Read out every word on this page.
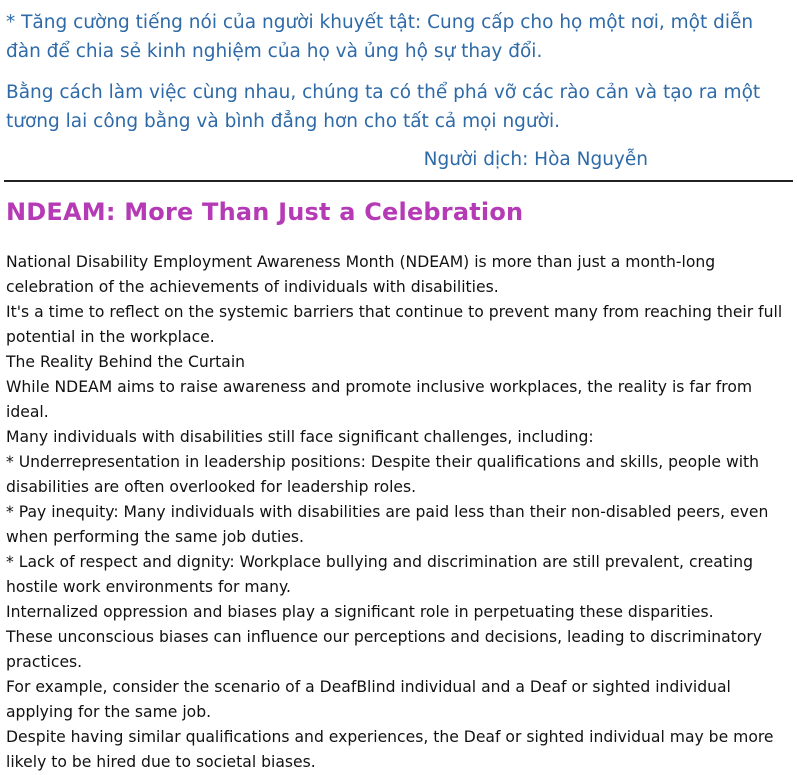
* Tăng cường tiếng nói của người khuyết tật: Cung cấp cho họ một nơi, một diễn đàn để chia sẻ kinh nghiệm của họ và ủng hộ sự thay đổi.

Bằng cách làm việc cùng nhau, chúng ta có thể phá vỡ các rào cản và tạo ra một tương lai công bằng và bình đẳng hơn cho tất cả mọi người.

Người dịch: Hòa Nguyễn
NDEAM: More Than Just a Celebration
National Disability Employment Awareness Month (NDEAM) is more than just a month-long celebration of the achievements of individuals with disabilities.
It's a time to reflect on the systemic barriers that continue to prevent many from reaching their full potential in the workplace.
The Reality Behind the Curtain
While NDEAM aims to raise awareness and promote inclusive workplaces, the reality is far from ideal.
Many individuals with disabilities still face significant challenges, including:
* Underrepresentation in leadership positions: Despite their qualifications and skills, people with disabilities are often overlooked for leadership roles.
* Pay inequity: Many individuals with disabilities are paid less than their non-disabled peers, even when performing the same job duties.
* Lack of respect and dignity: Workplace bullying and discrimination are still prevalent, creating hostile work environments for many.
Internalized oppression and biases play a significant role in perpetuating these disparities.
These unconscious biases can influence our perceptions and decisions, leading to discriminatory practices.
For example, consider the scenario of a DeafBlind individual and a Deaf or sighted individual applying for the same job.
Despite having similar qualifications and experiences, the Deaf or sighted individual may be more likely to be hired due to societal biases.
